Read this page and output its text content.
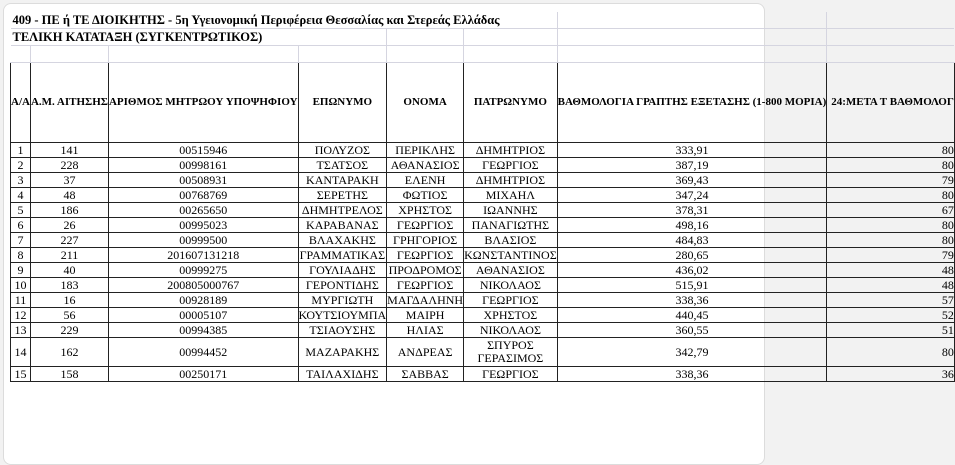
409 - ΠΕ ή ΤΕ ΔΙΟΙΚΗΤΗΣ - 5η Υγειονομική Περιφέρεια Θεσσαλίας και Στερεάς Ελλάδας							
ΤΕΛΙΚΗ ΚΑΤΑΤΑΞΗ (ΣΥΓΚΕΝΤΡΩΤΙΚΟΣ)							

Α/Α	Α.Μ. ΑΙΤΗΣΗΣ	ΑΡΙΘΜΟΣ ΜΗΤΡΩΟΥ ΥΠΟΨΗΦΙΟΥ	ΕΠΩΝΥΜΟ	ΟΝΟΜΑ	ΠΑΤΡΩΝΥΜΟ	ΒΑΘΜΟΛΟΓΙΑ ΓΡΑΠΤΗΣ ΕΞΕΤΑΣΗΣ (1-800 ΜΟΡΙΑ)	24:ΜΕΤΑ Τ ΒΑΘΜΟΛΟΓ
1	141	00515946	ΠΟΛΥΖΟΣ	ΠΕΡΙΚΛΗΣ	ΔΗΜΗΤΡΙΟΣ	333,91	80
2	228	00998161	ΤΣΑΤΣΟΣ	ΑΘΑΝΑΣΙΟΣ	ΓΕΩΡΓΙΟΣ	387,19	80
3	37	00508931	ΚΑΝΤΑΡΑΚΗ	ΕΛΕΝΗ	ΔΗΜΗΤΡΙΟΣ	369,43	79
4	48	00768769	ΣΕΡΕΤΗΣ	ΦΩΤΙΟΣ	ΜΙΧΑΗΛ	347,24	80
5	186	00265650	ΔΗΜΗΤΡΕΛΟΣ	ΧΡΗΣΤΟΣ	ΙΩΑΝΝΗΣ	378,31	67
6	26	00995023	ΚΑΡΑΒΑΝΑΣ	ΓΕΩΡΓΙΟΣ	ΠΑΝΑΓΙΩΤΗΣ	498,16	80
7	227	00999500	ΒΛΑΧΑΚΗΣ	ΓΡΗΓΟΡΙΟΣ	ΒΛΑΣΙΟΣ	484,83	80
8	211	201607131218	ΓΡΑΜΜΑΤΙΚΑΣ	ΓΕΩΡΓΙΟΣ	ΚΩΝΣΤΑΝΤΙΝΟΣ	280,65	79
9	40	00999275	ΓΟΥΛΙΑΔΗΣ	ΠΡΟΔΡΟΜΟΣ	ΑΘΑΝΑΣΙΟΣ	436,02	48
10	183	200805000767	ΓΕΡΟΝΤΙΔΗΣ	ΓΕΩΡΓΙΟΣ	ΝΙΚΟΛΑΟΣ	515,91	48
11	16	00928189	ΜΥΡΓΙΩΤΗ	ΜΑΓΔΑΛΗΝΗ	ΓΕΩΡΓΙΟΣ	338,36	57
12	56	00005107	ΚΟΥΤΣΙΟΥΜΠΑ	ΜΑΙΡΗ	ΧΡΗΣΤΟΣ	440,45	52
13	229	00994385	ΤΣΙΑΟΥΣΗΣ	ΗΛΙΑΣ	ΝΙΚΟΛΑΟΣ	360,55	51
14	162	00994452	ΜΑΖΑΡΑΚΗΣ	ΑΝΔΡΕΑΣ	ΣΠΥΡΟΣ ΓΕΡΑΣΙΜΟΣ	342,79	80
15	158	00250171	ΤΑΙΛΑΧΙΔΗΣ	ΣΑΒΒΑΣ	ΓΕΩΡΓΙΟΣ	338,36	36
